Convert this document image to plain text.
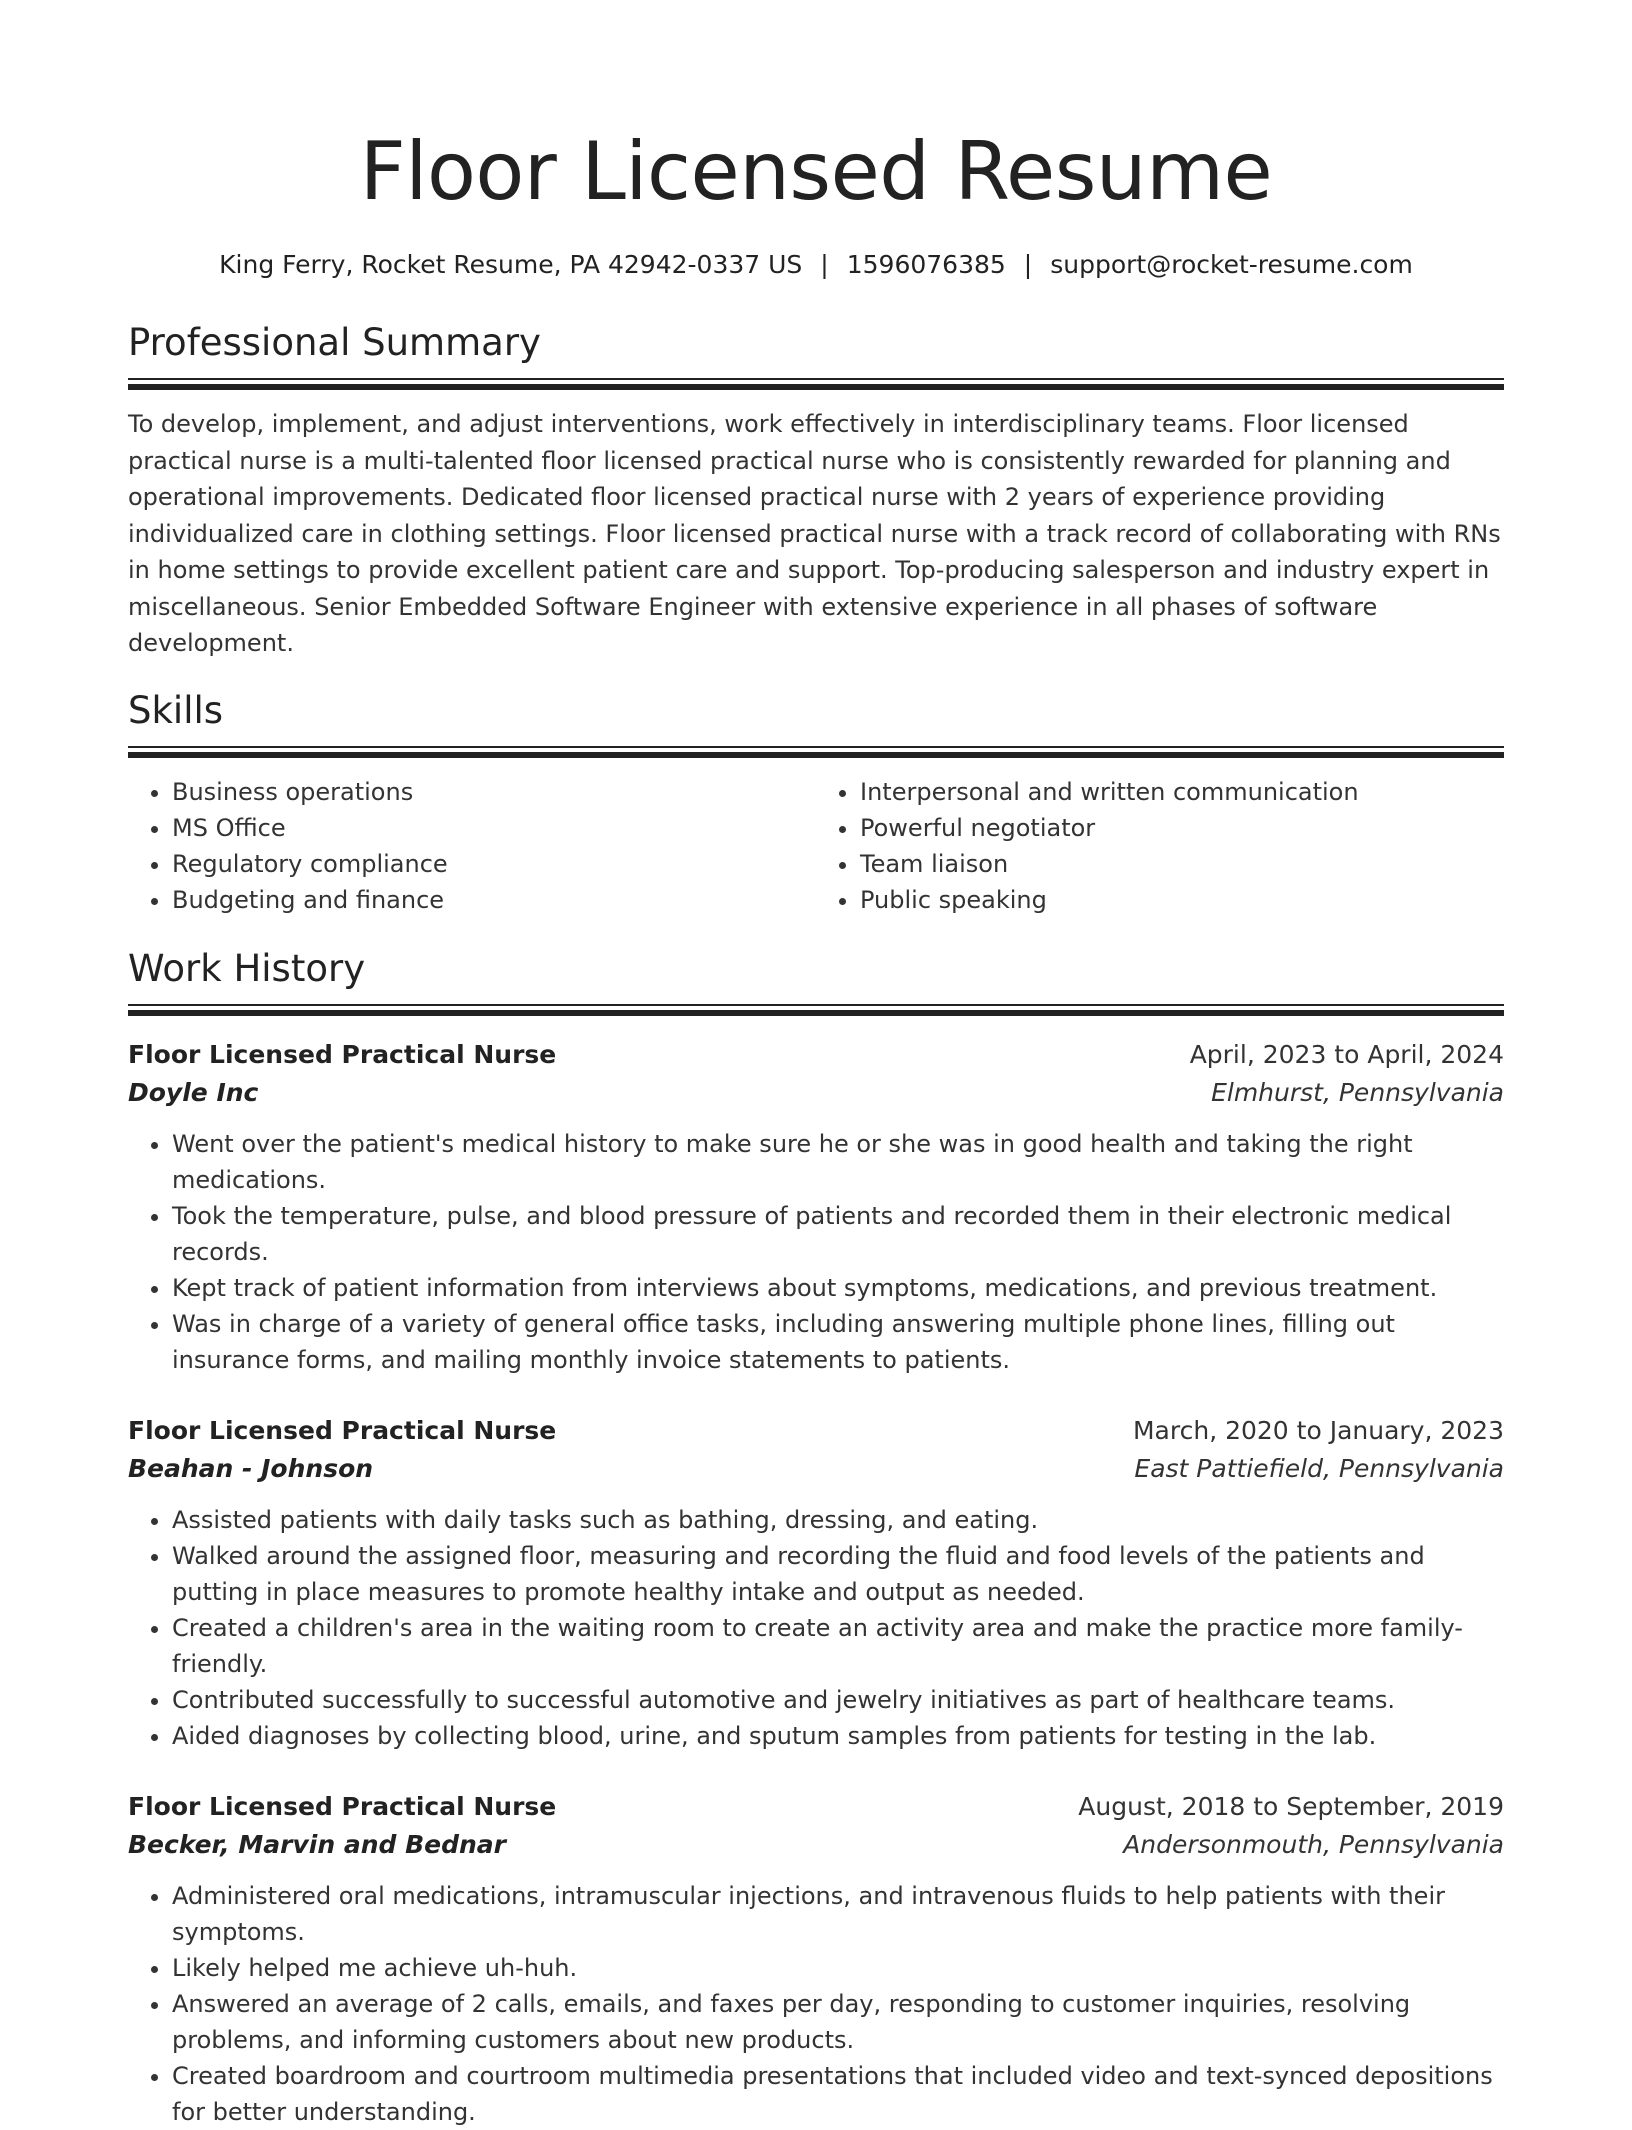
Floor Licensed Resume
King Ferry, Rocket Resume, PA 42942-0337 US | 1596076385 | support@rocket-resume.com
Professional Summary

To develop, implement, and adjust interventions, work effectively in interdisciplinary teams. Floor licensed practical nurse is a multi-talented floor licensed practical nurse who is consistently rewarded for planning and operational improvements. Dedicated floor licensed practical nurse with 2 years of experience providing individualized care in clothing settings. Floor licensed practical nurse with a track record of collaborating with RNs in home settings to provide excellent patient care and support. Top-producing salesperson and industry expert in miscellaneous. Senior Embedded Software Engineer with extensive experience in all phases of software development.

Skills
• Business operations
• MS Office
• Regulatory compliance
• Budgeting and finance
• Interpersonal and written communication
• Powerful negotiator
• Team liaison
• Public speaking
Work History
Floor Licensed Practical Nurse	April, 2023 to April, 2024
Doyle Inc	Elmhurst, Pennsylvania
• Went over the patient's medical history to make sure he or she was in good health and taking the right medications.
• Took the temperature, pulse, and blood pressure of patients and recorded them in their electronic medical records.
• Kept track of patient information from interviews about symptoms, medications, and previous treatment.
• Was in charge of a variety of general office tasks, including answering multiple phone lines, filling out insurance forms, and mailing monthly invoice statements to patients.
Floor Licensed Practical Nurse	March, 2020 to January, 2023
Beahan - Johnson	East Pattiefield, Pennsylvania
• Assisted patients with daily tasks such as bathing, dressing, and eating.
• Walked around the assigned floor, measuring and recording the fluid and food levels of the patients and putting in place measures to promote healthy intake and output as needed.
• Created a children's area in the waiting room to create an activity area and make the practice more family-friendly.
• Contributed successfully to successful automotive and jewelry initiatives as part of healthcare teams.
• Aided diagnoses by collecting blood, urine, and sputum samples from patients for testing in the lab.
Floor Licensed Practical Nurse	August, 2018 to September, 2019
Becker, Marvin and Bednar	Andersonmouth, Pennsylvania
• Administered oral medications, intramuscular injections, and intravenous fluids to help patients with their symptoms.
• Likely helped me achieve uh-huh.
• Answered an average of 2 calls, emails, and faxes per day, responding to customer inquiries, resolving problems, and informing customers about new products.
• Created boardroom and courtroom multimedia presentations that included video and text-synced depositions for better understanding.
